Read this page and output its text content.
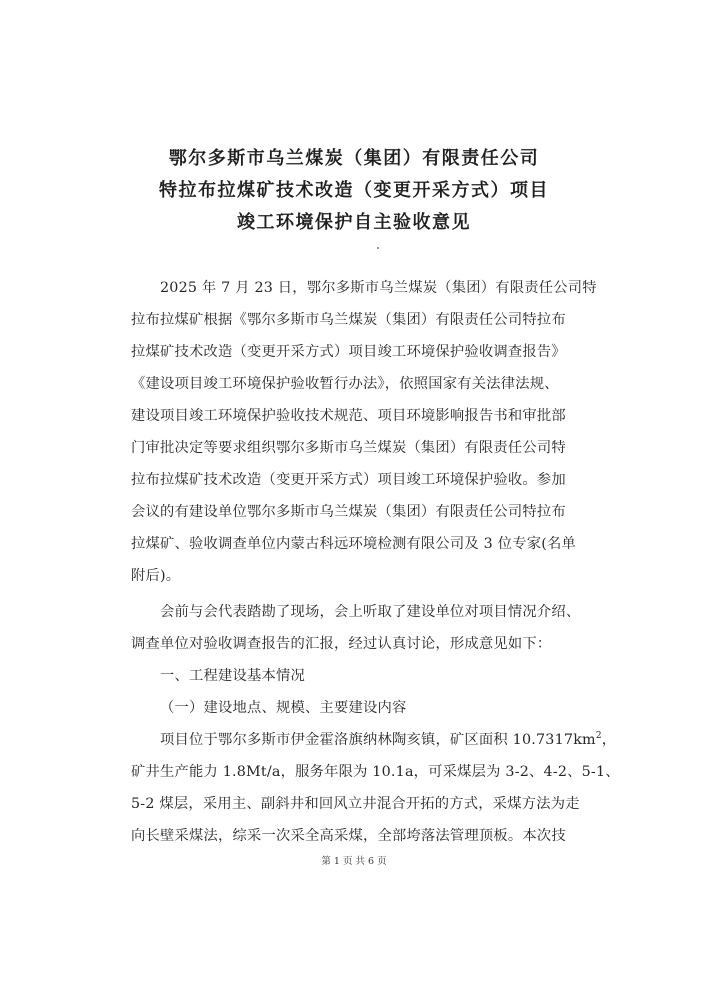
鄂尔多斯市乌兰煤炭（集团）有限责任公司
特拉布拉煤矿技术改造（变更开采方式）项目
竣工环境保护自主验收意见
2025 年 7 月 23 日，鄂尔多斯市乌兰煤炭（集团）有限责任公司特
拉布拉煤矿根据《鄂尔多斯市乌兰煤炭（集团）有限责任公司特拉布
拉煤矿技术改造（变更开采方式）项目竣工环境保护验收调查报告》
《建设项目竣工环境保护验收暂行办法》，依照国家有关法律法规、
建设项目竣工环境保护验收技术规范、项目环境影响报告书和审批部
门审批决定等要求组织鄂尔多斯市乌兰煤炭（集团）有限责任公司特
拉布拉煤矿技术改造（变更开采方式）项目竣工环境保护验收。参加
会议的有建设单位鄂尔多斯市乌兰煤炭（集团）有限责任公司特拉布
拉煤矿、验收调查单位内蒙古科远环境检测有限公司及 3 位专家(名单
附后)。
会前与会代表踏勘了现场，会上听取了建设单位对项目情况介绍、
调查单位对验收调查报告的汇报，经过认真讨论，形成意见如下：
一、工程建设基本情况
（一）建设地点、规模、主要建设内容
项目位于鄂尔多斯市伊金霍洛旗纳林陶亥镇，矿区面积 $10.7317km^2$，
矿井生产能力 1.8Mt/a，服务年限为 10.1a，可采煤层为 3-2、4-2、5-1、
5-2 煤层，采用主、副斜井和回风立井混合开拓的方式，采煤方法为走
向长壁采煤法，综采一次采全高采煤，全部垮落法管理顶板。本次技
第 1 页 共 6 页
